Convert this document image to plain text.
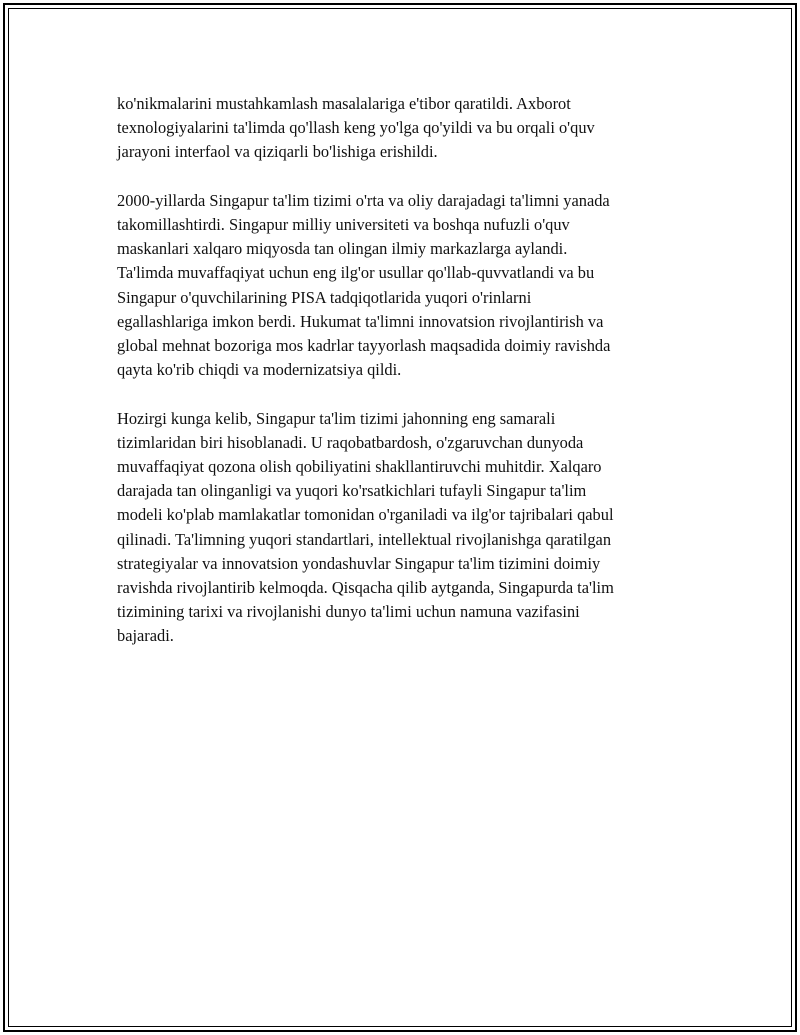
ko'nikmalarini mustahkamlash masalalariga e'tibor qaratildi. Axborot
texnologiyalarini ta'limda qo'llash keng yo'lga qo'yildi va bu orqali o'quv
jarayoni interfaol va qiziqarli bo'lishiga erishildi.

2000-yillarda Singapur ta'lim tizimi o'rta va oliy darajadagi ta'limni yanada
takomillashtirdi. Singapur milliy universiteti va boshqa nufuzli o'quv
maskanlari xalqaro miqyosda tan olingan ilmiy markazlarga aylandi.
Ta'limda muvaffaqiyat uchun eng ilg'or usullar qo'llab-quvvatlandi va bu
Singapur o'quvchilarining PISA tadqiqotlarida yuqori o'rinlarni
egallashlariga imkon berdi. Hukumat ta'limni innovatsion rivojlantirish va
global mehnat bozoriga mos kadrlar tayyorlash maqsadida doimiy ravishda
qayta ko'rib chiqdi va modernizatsiya qildi.

Hozirgi kunga kelib, Singapur ta'lim tizimi jahonning eng samarali
tizimlaridan biri hisoblanadi. U raqobatbardosh, o'zgaruvchan dunyoda
muvaffaqiyat qozona olish qobiliyatini shakllantiruvchi muhitdir. Xalqaro
darajada tan olinganligi va yuqori ko'rsatkichlari tufayli Singapur ta'lim
modeli ko'plab mamlakatlar tomonidan o'rganiladi va ilg'or tajribalari qabul
qilinadi. Ta'limning yuqori standartlari, intellektual rivojlanishga qaratilgan
strategiyalar va innovatsion yondashuvlar Singapur ta'lim tizimini doimiy
ravishda rivojlantirib kelmoqda. Qisqacha qilib aytganda, Singapurda ta'lim
tizimining tarixi va rivojlanishi dunyo ta'limi uchun namuna vazifasini
bajaradi.
